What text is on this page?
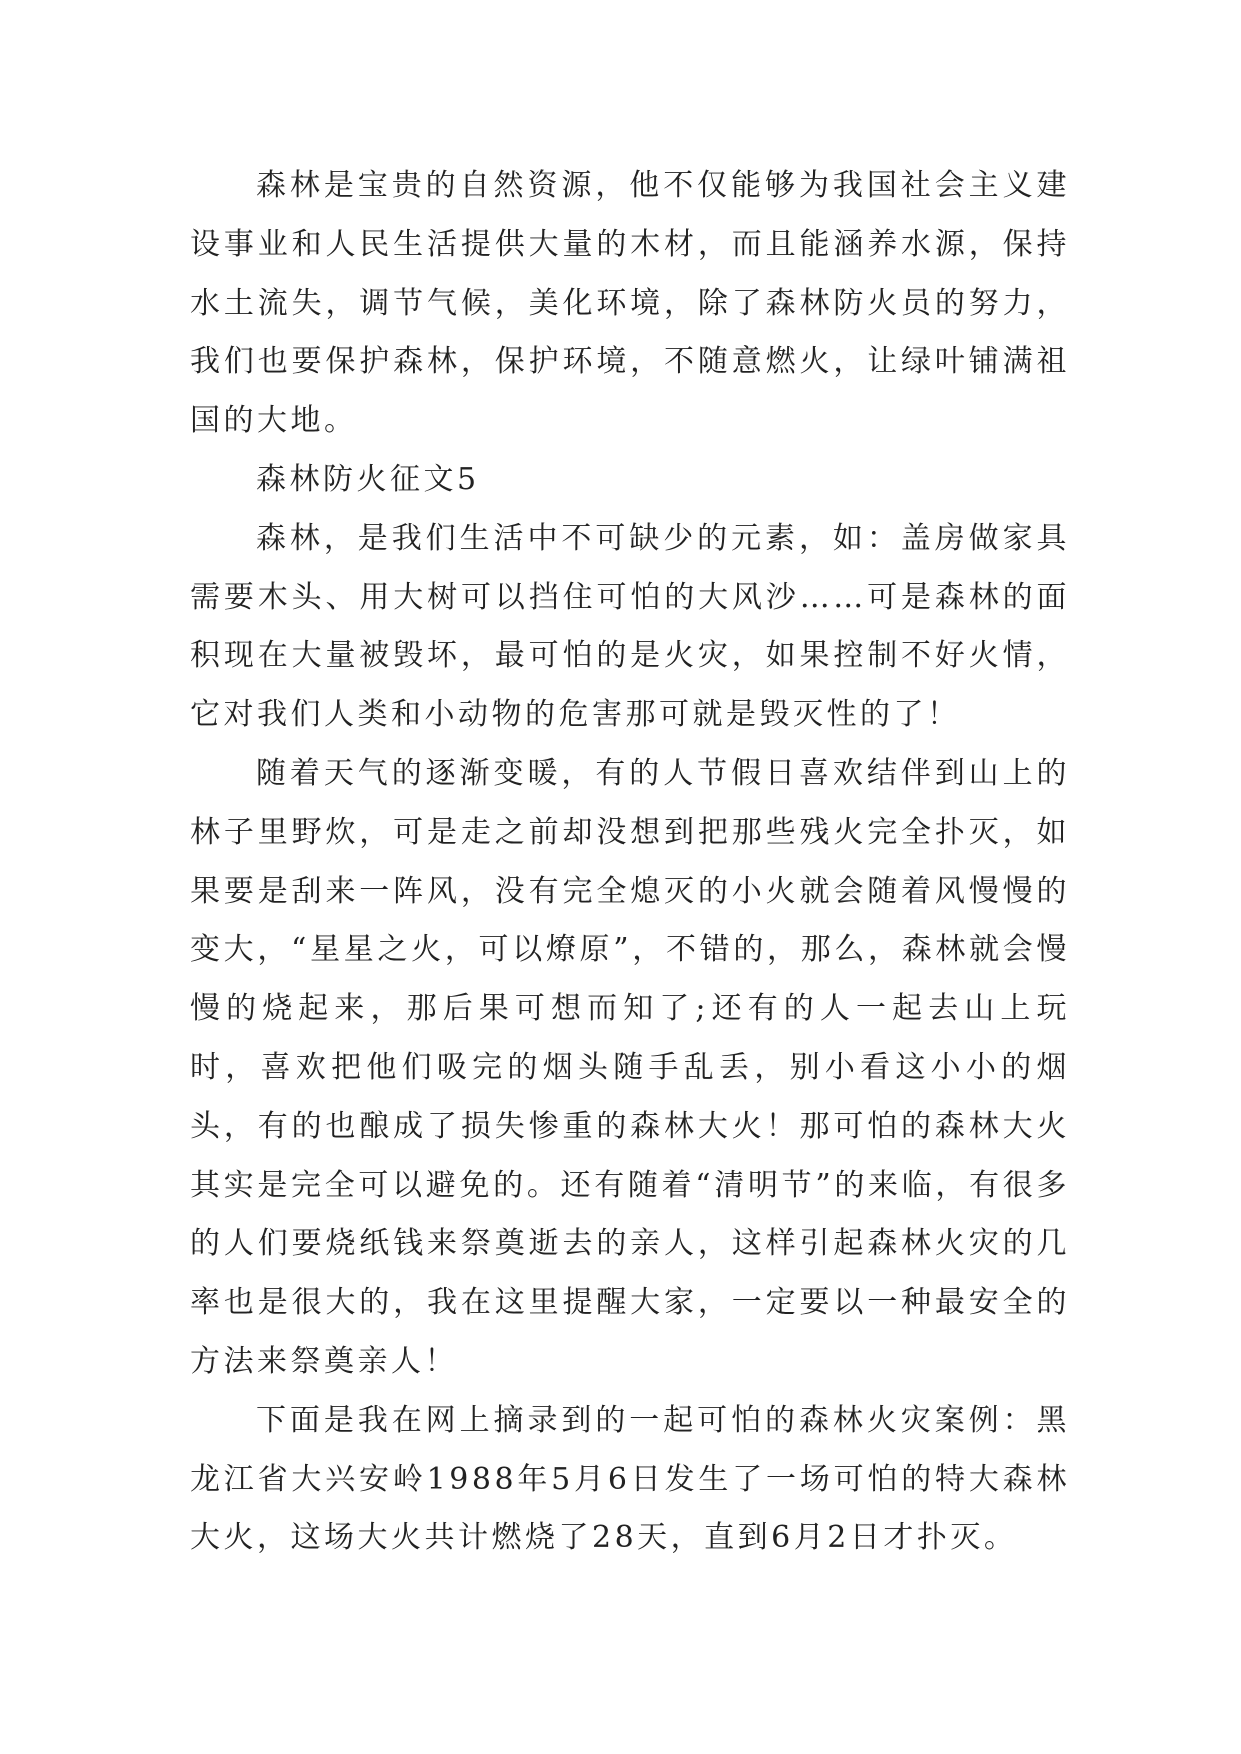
森林是宝贵的自然资源，他不仅能够为我国社会主义建设事业和人民生活提供大量的木材，而且能涵养水源，保持水土流失，调节气候，美化环境，除了森林防火员的努力，我们也要保护森林，保护环境，不随意燃火，让绿叶铺满祖国的大地。

森林防火征文5

森林，是我们生活中不可缺少的元素，如：盖房做家具需要木头、用大树可以挡住可怕的大风沙……可是森林的面积现在大量被毁坏，最可怕的是火灾，如果控制不好火情，它对我们人类和小动物的危害那可就是毁灭性的了！

随着天气的逐渐变暖，有的人节假日喜欢结伴到山上的林子里野炊，可是走之前却没想到把那些残火完全扑灭，如果要是刮来一阵风，没有完全熄灭的小火就会随着风慢慢的变大，“星星之火，可以燎原”，不错的，那么，森林就会慢慢的烧起来，那后果可想而知了;还有的人一起去山上玩时，喜欢把他们吸完的烟头随手乱丢，别小看这小小的烟头，有的也酿成了损失惨重的森林大火！那可怕的森林大火其实是完全可以避免的。还有随着“清明节”的来临，有很多的人们要烧纸钱来祭奠逝去的亲人，这样引起森林火灾的几率也是很大的，我在这里提醒大家，一定要以一种最安全的方法来祭奠亲人！

下面是我在网上摘录到的一起可怕的森林火灾案例：黑龙江省大兴安岭1988年5月6日发生了一场可怕的特大森林大火，这场大火共计燃烧了28天，直到6月2日才扑灭。
